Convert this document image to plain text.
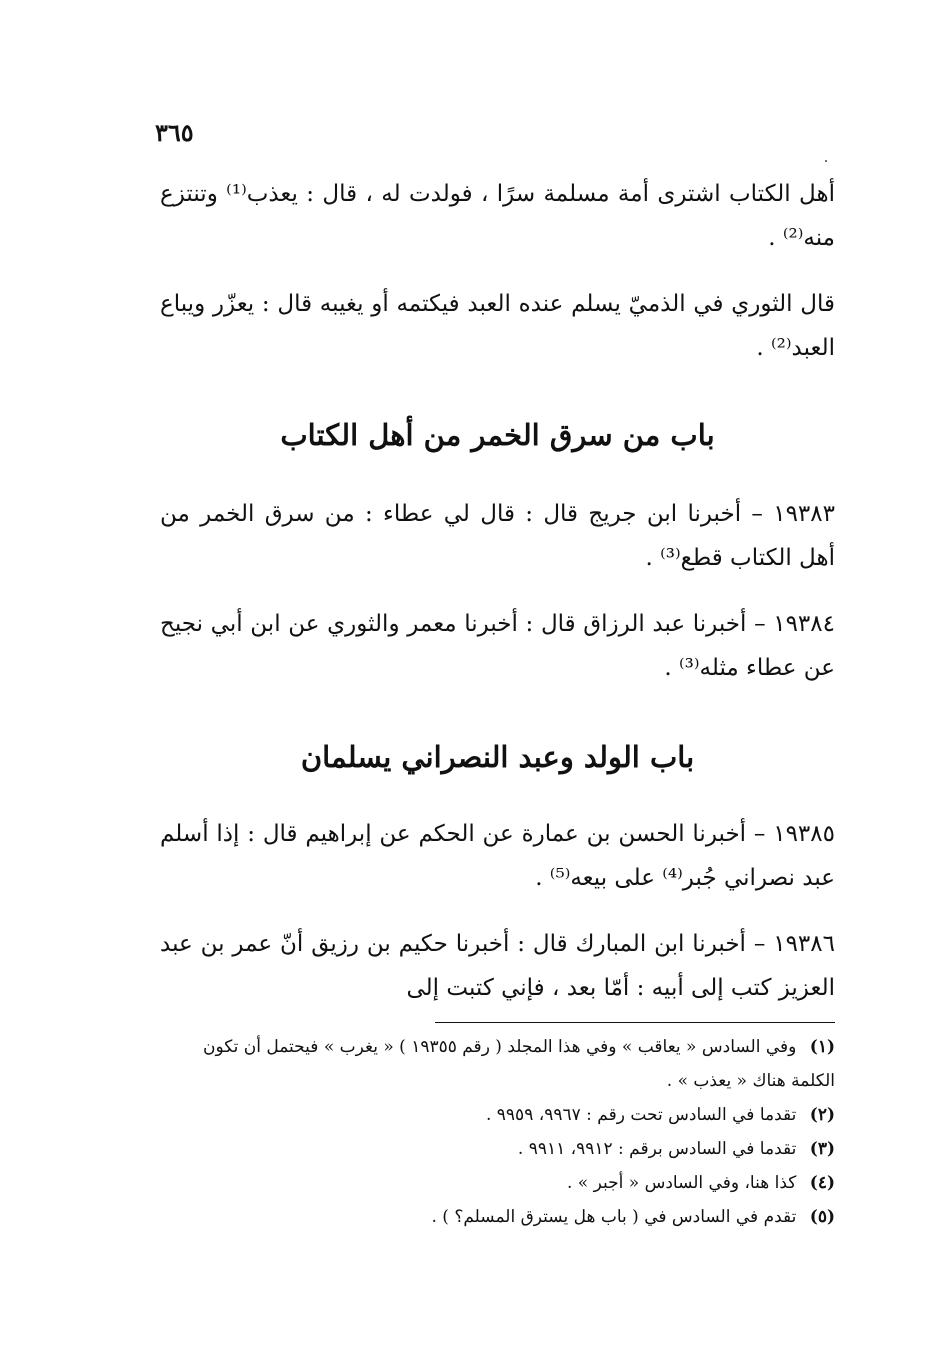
٣٦٥
أهل الكتاب اشترى أمة مسلمة سرًا ، فولدت له ، قال : يعذب⁽¹⁾ وتنتزع منه⁽²⁾ .
قال الثوري في الذميّ يسلم عنده العبد فيكتمه أو يغيبه قال : يعزّر ويباع العبد⁽²⁾ .
باب من سرق الخمر من أهل الكتاب
١٩٣٨٣ – أخبرنا ابن جريج قال : قال لي عطاء : من سرق الخمر من أهل الكتاب قطع⁽³⁾ .
١٩٣٨٤ – أخبرنا عبد الرزاق قال : أخبرنا معمر والثوري عن ابن أبي نجيح عن عطاء مثله⁽³⁾ .
باب الولد وعبد النصراني يسلمان
١٩٣٨٥ – أخبرنا الحسن بن عمارة عن الحكم عن إبراهيم قال : إذا أسلم عبد نصراني جُبر⁽⁴⁾ على بيعه⁽⁵⁾ .
١٩٣٨٦ – أخبرنا ابن المبارك قال : أخبرنا حكيم بن رزيق أنّ عمر بن عبد العزيز كتب إلى أبيه : أمّا بعد ، فإني كتبت إلى
(١) وفي السادس « يعاقب » وفي هذا المجلد ( رقم ١٩٣٥٥ ) « يغرب » فيحتمل أن تكون الكلمة هناك « يعذب » .
(٢) تقدما في السادس تحت رقم : ٩٩٦٧، ٩٩٥٩ .
(٣) تقدما في السادس برقم : ٩٩١٢، ٩٩١١ .
(٤) كذا هنا، وفي السادس « أجبر » .
(٥) تقدم في السادس في ( باب هل يسترق المسلم؟ ) .
